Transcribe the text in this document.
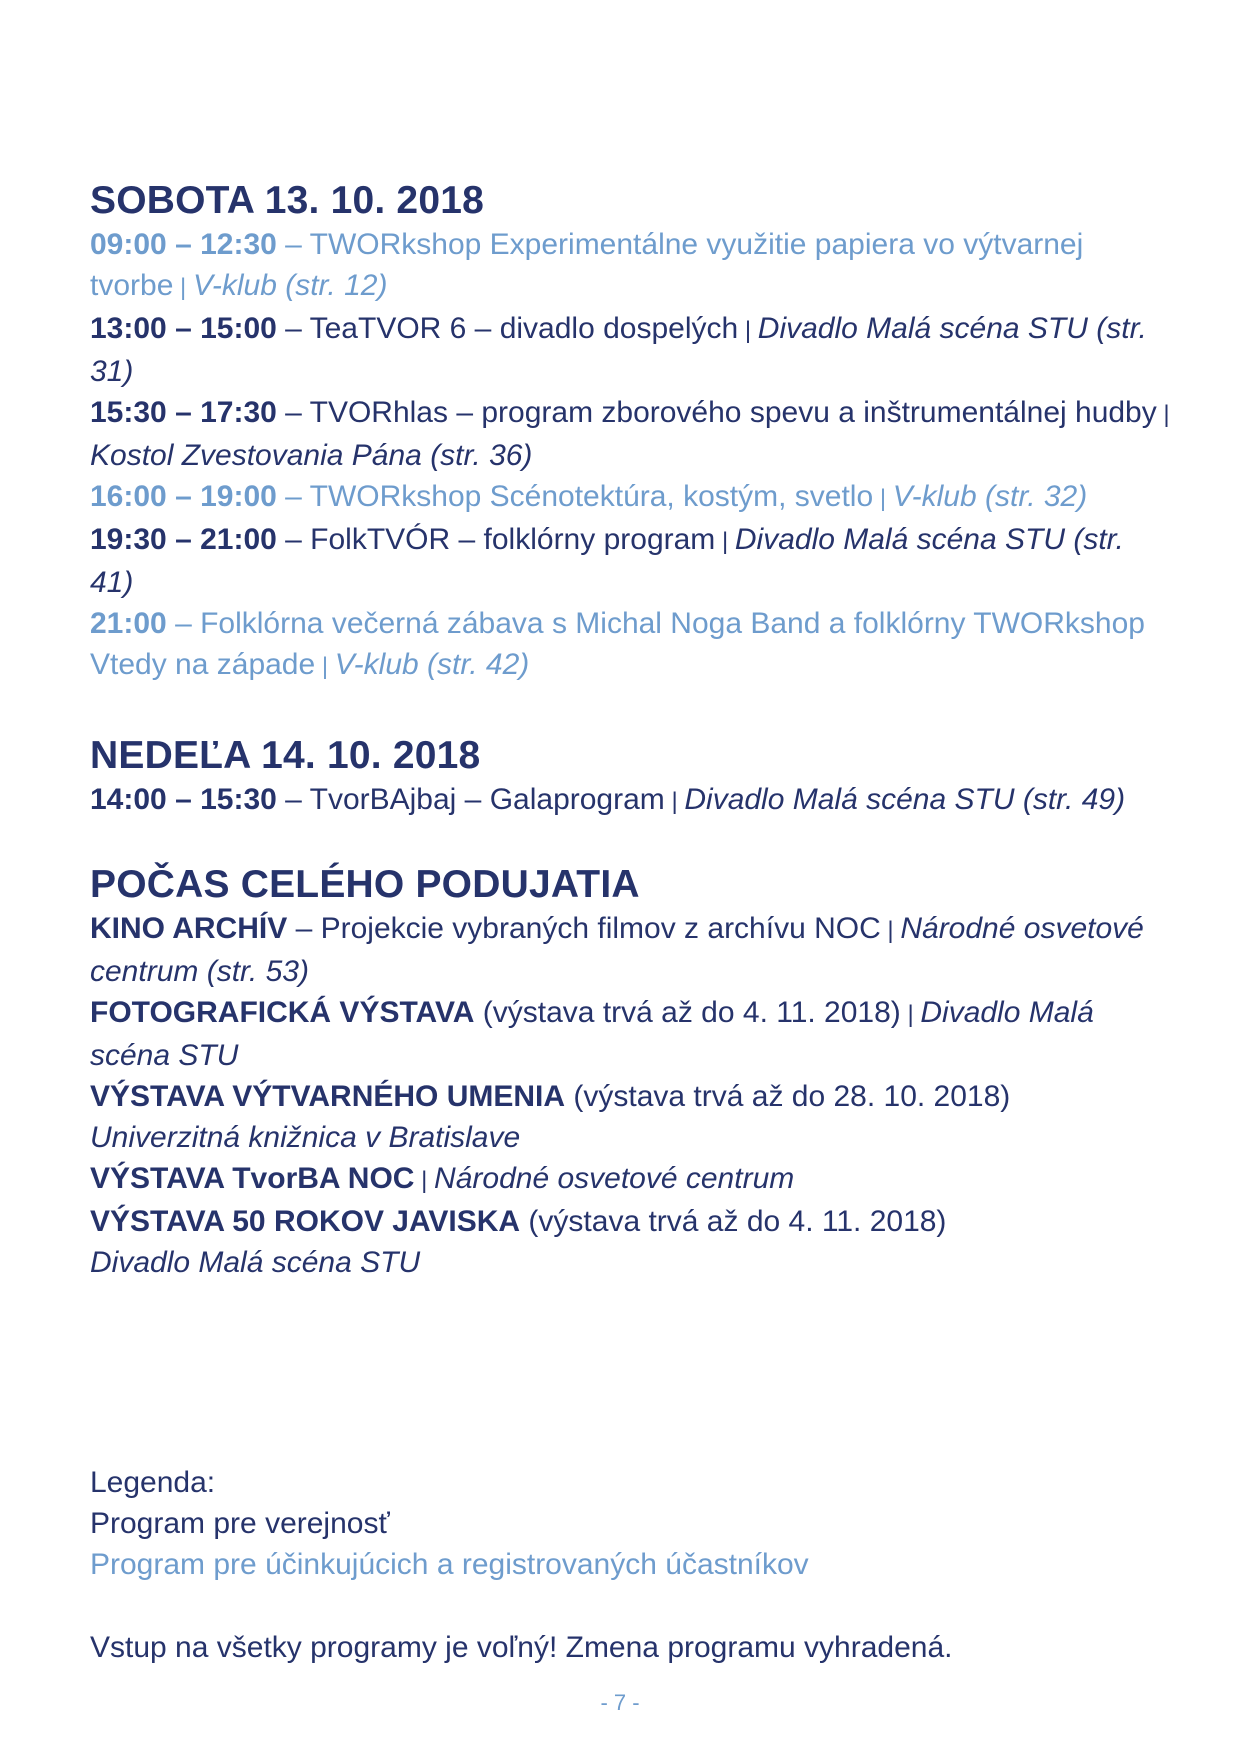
SOBOTA 13. 10. 2018

09:00 – 12:30 – TWORkshop Experimentálne využitie papiera vo výtvarnej tvorbe | V-klub (str. 12)

13:00 – 15:00 – TeaTVOR 6 – divadlo dospelých | Divadlo Malá scéna STU (str. 31)

15:30 – 17:30 – TVORhlas – program zborového spevu a inštrumentálnej hudby | Kostol Zvestovania Pána (str. 36)

16:00 – 19:00 – TWORkshop Scénotektúra, kostým, svetlo | V-klub (str. 32)

19:30 – 21:00 – FolkTVÓR – folklórny program | Divadlo Malá scéna STU (str. 41)

21:00 – Folklórna večerná zábava s Michal Noga Band a folklórny TWORkshop Vtedy na západe | V-klub (str. 42)

NEDEĽA 14. 10. 2018

14:00 – 15:30 – TvorBAjbaj – Galaprogram | Divadlo Malá scéna STU (str. 49)

POČAS CELÉHO PODUJATIA

KINO ARCHÍV – Projekcie vybraných filmov z archívu NOC | Národné osvetové centrum (str. 53)

FOTOGRAFICKÁ VÝSTAVA (výstava trvá až do 4. 11. 2018) | Divadlo Malá scéna STU

VÝSTAVA VÝTVARNÉHO UMENIA (výstava trvá až do 28. 10. 2018)
Univerzitná knižnica v Bratislave

VÝSTAVA TvorBA NOC | Národné osvetové centrum

VÝSTAVA 50 ROKOV JAVISKA (výstava trvá až do 4. 11. 2018)
Divadlo Malá scéna STU

Legenda:
Program pre verejnosť
Program pre účinkujúcich a registrovaných účastníkov
Vstup na všetky programy je voľný! Zmena programu vyhradená.
- 7 -
